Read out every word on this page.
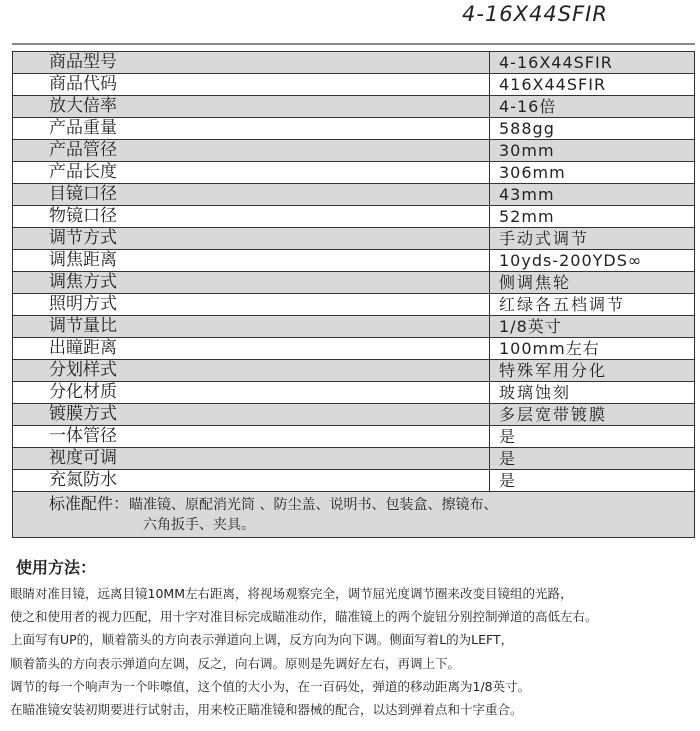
4-16X44SFIR
商品型号	4-16X44SFIR
商品代码	416X44SFIR
放大倍率	4-16倍
产品重量	588gg
产品管径	30mm
产品长度	306mm
目镜口径	43mm
物镜口径	52mm
调节方式	手动式调节
调焦距离	10yds-200YDS∞
调焦方式	侧调焦轮
照明方式	红绿各五档调节
调节量比	1/8英寸
出瞳距离	100mm左右
分划样式	特殊军用分化
分化材质	玻璃蚀刻
镀膜方式	多层宽带镀膜
一体管径	是
视度可调	是
充氮防水	是

标准配件：瞄准镜、原配消光筒 、防尘盖、说明书、包装盒、擦镜布、
六角扳手、夹具。	
使用方法：

眼睛对准目镜，远离目镜10MM左右距离，将视场观察完全，调节屈光度调节圈来改变目镜组的光路，

使之和使用者的视力匹配，用十字对准目标完成瞄准动作，瞄准镜上的两个旋钮分别控制弹道的高低左右。

上面写有UP的，顺着箭头的方向表示弹道向上调，反方向为向下调。侧面写着L的为LEFT，

顺着箭头的方向表示弹道向左调，反之，向右调。原则是先调好左右，再调上下。

调节的每一个响声为一个咔嚓值，这个值的大小为，在一百码处，弹道的移动距离为1/8英寸。

在瞄准镜安装初期要进行试射击，用来校正瞄准镜和器械的配合，以达到弹着点和十字重合。
